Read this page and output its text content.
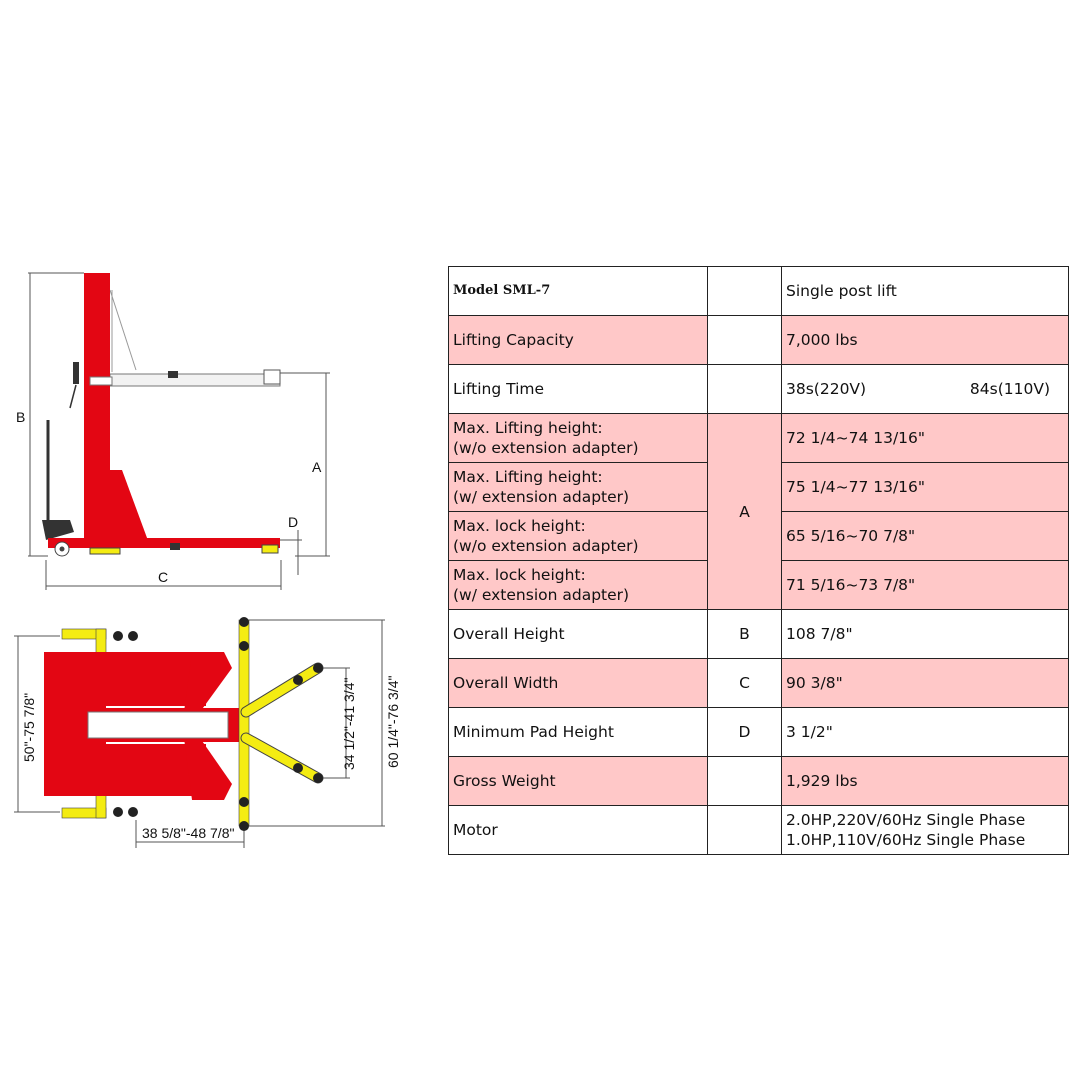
B
A
D
C
50"-75 7/8"	34 1/2"-41 3/4" 60 1/4"-76 3/4"
38 5/8"-48 7/8"
Model SML-7		Single post lift
Lifting Capacity		7,000 lbs
Lifting Time		38s(220V) 84s(110V)

Max. Lifting height:
(w/o extension adapter)	A	72 1/4~74 13/16"

Max. Lifting height:
(w/ extension adapter)		75 1/4~77 13/16"

Max. lock height:
(w/o extension adapter)		65 5/16~70 7/8"

Max. lock height:
(w/ extension adapter)		71 5/16~73 7/8"
Overall Height	B	108 7/8"
Overall Width	C	90 3/8"
Minimum Pad Height	D	3 1/2"
Gross Weight		1,929 lbs
Motor		2.0HP,220V/60Hz Single Phase
1.0HP,110V/60Hz Single Phase
